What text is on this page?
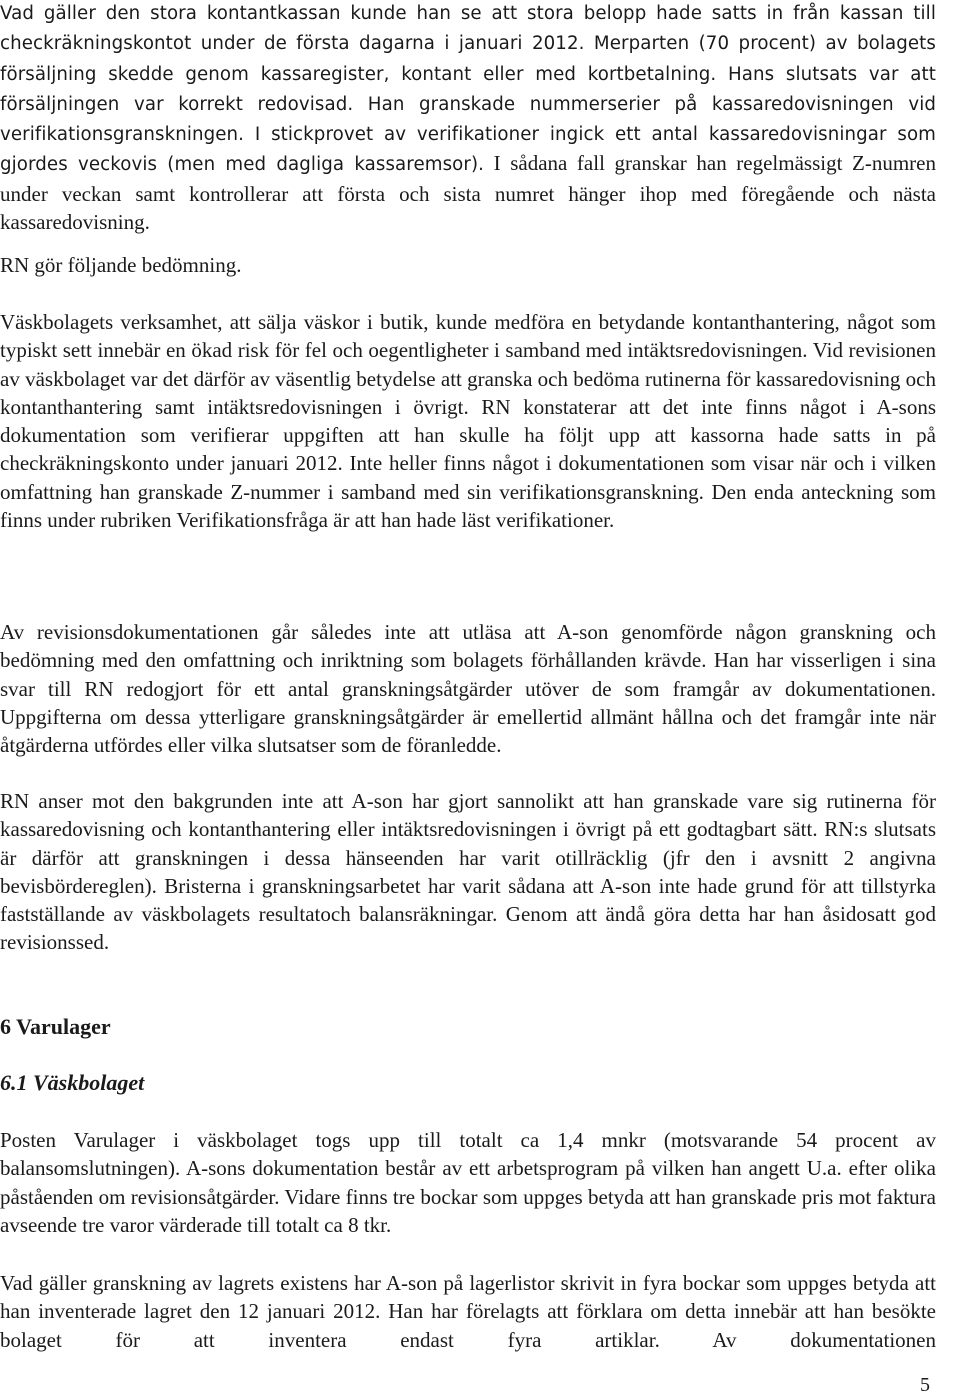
Vad gäller den stora kontantkassan kunde han se att stora belopp hade satts in från kassan till checkräkningskontot under de första dagarna i januari 2012. Merparten (70 procent) av bolagets försäljning skedde genom kassaregister, kontant eller med kortbetalning. Hans slutsats var att försäljningen var korrekt redovisad. Han granskade nummerserier på kassaredovisningen vid verifikationsgranskningen. I stickprovet av verifikationer ingick ett antal kassaredovisningar som gjordes veckovis (men med dagliga kassaremsor). I sådana fall granskar han regelmässigt Z-numren under veckan samt kontrollerar att första och sista numret hänger ihop med föregående och nästa kassaredovisning.

RN gör följande bedömning.

Väskbolagets verksamhet, att sälja väskor i butik, kunde medföra en betydande kontanthantering, något som typiskt sett innebär en ökad risk för fel och oegentligheter i samband med intäktsredovisningen. Vid revisionen av väskbolaget var det därför av väsentlig betydelse att granska och bedöma rutinerna för kassaredovisning och kontanthantering samt intäktsredovisningen i övrigt. RN konstaterar att det inte finns något i A-sons dokumentation som verifierar uppgiften att han skulle ha följt upp att kassorna hade satts in på checkräkningskonto under januari 2012. Inte heller finns något i dokumentationen som visar när och i vilken omfattning han granskade Z-nummer i samband med sin verifikationsgranskning. Den enda anteckning som finns under rubriken Verifikationsfråga är att han hade läst verifikationer.

Av revisionsdokumentationen går således inte att utläsa att A-son genomförde någon granskning och bedömning med den omfattning och inriktning som bolagets förhållanden krävde. Han har visserligen i sina svar till RN redogjort för ett antal granskningsåtgärder utöver de som framgår av dokumentationen. Uppgifterna om dessa ytterligare granskningsåtgärder är emellertid allmänt hållna och det framgår inte när åtgärderna utfördes eller vilka slutsatser som de föranledde.

RN anser mot den bakgrunden inte att A-son har gjort sannolikt att han granskade vare sig rutinerna för kassaredovisning och kontanthantering eller intäktsredovisningen i övrigt på ett godtagbart sätt. RN:s slutsats är därför att granskningen i dessa hänseenden har varit otillräcklig (jfr den i avsnitt 2 angivna bevisbördereglen). Bristerna i granskningsarbetet har varit sådana att A-son inte hade grund för att tillstyrka fastställande av väskbolagets resultatoch balansräkningar. Genom att ändå göra detta har han åsidosatt god revisionssed.

6 Varulager
6.1 Väskbolaget

Posten Varulager i väskbolaget togs upp till totalt ca 1,4 mnkr (motsvarande 54 procent av balansomslutningen). A-sons dokumentation består av ett arbetsprogram på vilken han angett U.a. efter olika påståenden om revisionsåtgärder. Vidare finns tre bockar som uppges betyda att han granskade pris mot faktura avseende tre varor värderade till totalt ca 8 tkr.

Vad gäller granskning av lagrets existens har A-son på lagerlistor skrivit in fyra bockar som uppges betyda att han inventerade lagret den 12 januari 2012. Han har förelagts att förklara om detta innebär att han besökte bolaget för att inventera endast fyra artiklar. Av dokumentationen

5
